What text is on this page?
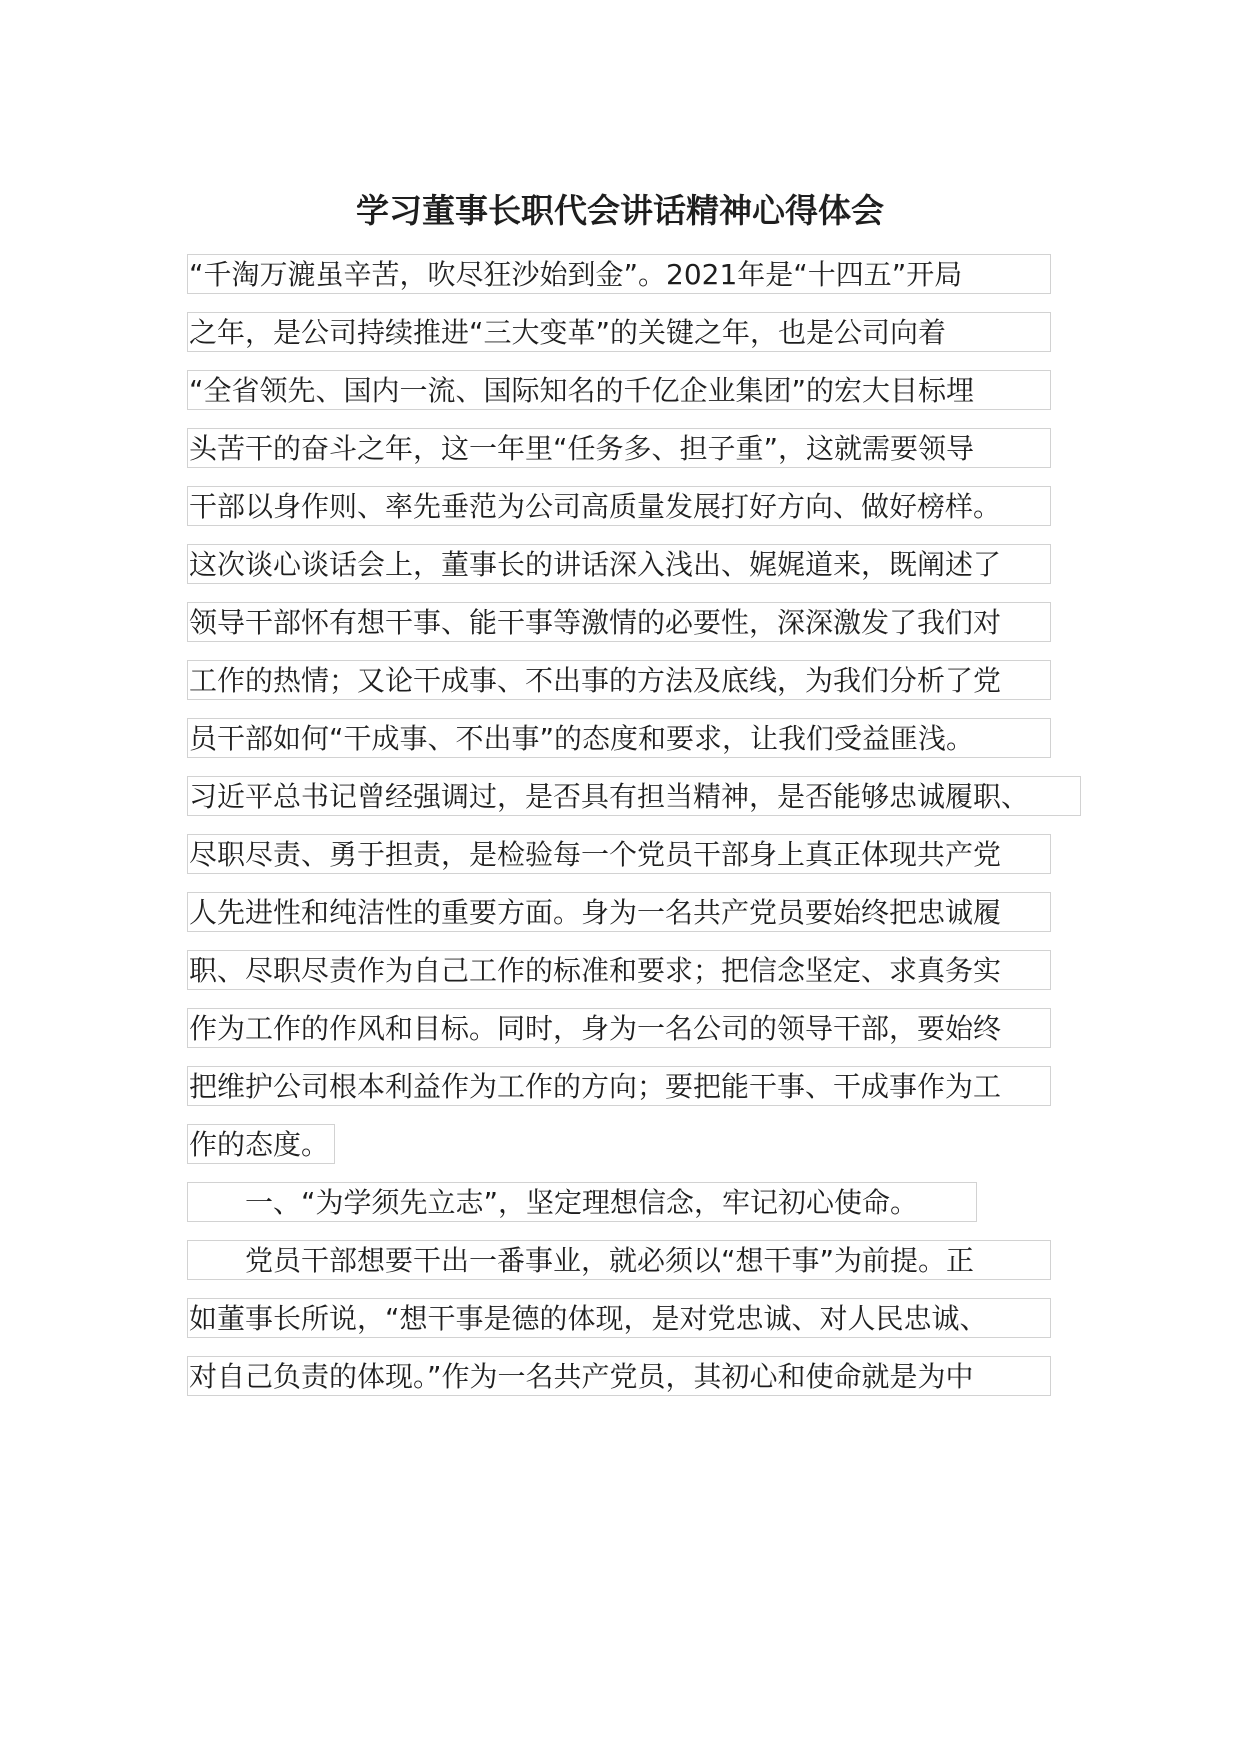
学习董事长职代会讲话精神心得体会
“千淘万漉虽辛苦，吹尽狂沙始到金”。2021年是“十四五”开局
之年，是公司持续推进“三大变革”的关键之年，也是公司向着
“全省领先、国内一流、国际知名的千亿企业集团”的宏大目标埋
头苦干的奋斗之年，这一年里“任务多、担子重”，这就需要领导
干部以身作则、率先垂范为公司高质量发展打好方向、做好榜样。
这次谈心谈话会上，董事长的讲话深入浅出、娓娓道来，既阐述了
领导干部怀有想干事、能干事等激情的必要性，深深激发了我们对
工作的热情；又论干成事、不出事的方法及底线，为我们分析了党
员干部如何“干成事、不出事”的态度和要求，让我们受益匪浅。
习近平总书记曾经强调过，是否具有担当精神，是否能够忠诚履职、
尽职尽责、勇于担责，是检验每一个党员干部身上真正体现共产党
人先进性和纯洁性的重要方面。身为一名共产党员要始终把忠诚履
职、尽职尽责作为自己工作的标准和要求；把信念坚定、求真务实
作为工作的作风和目标。同时，身为一名公司的领导干部，要始终
把维护公司根本利益作为工作的方向；要把能干事、干成事作为工
作的态度。
一、“为学须先立志”，坚定理想信念，牢记初心使命。
党员干部想要干出一番事业，就必须以“想干事”为前提。正
如董事长所说，“想干事是德的体现，是对党忠诚、对人民忠诚、
对自己负责的体现。”作为一名共产党员，其初心和使命就是为中
